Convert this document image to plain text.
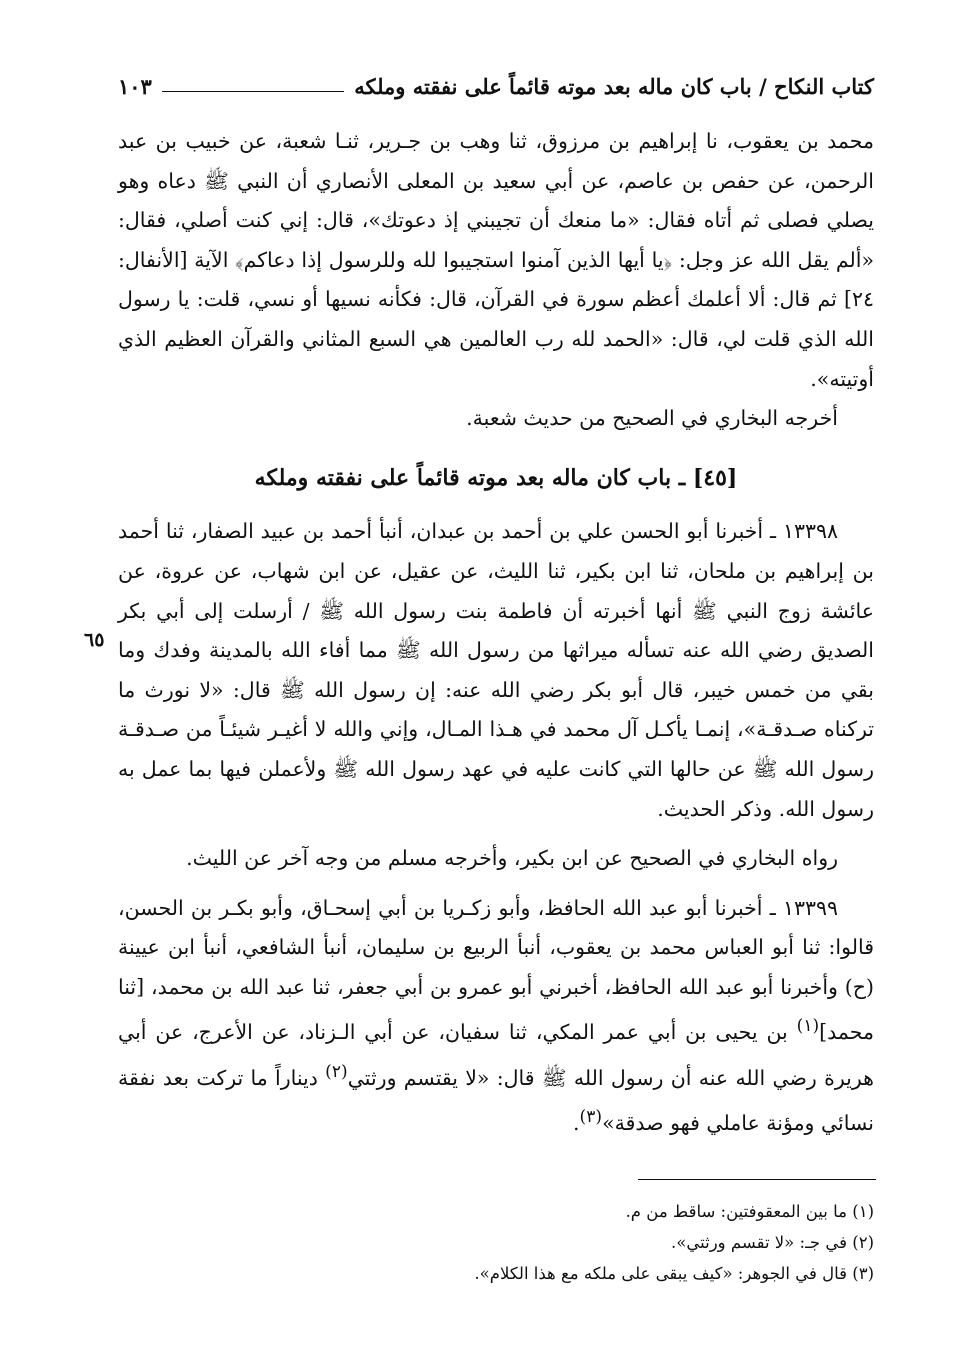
كتاب النكاح / باب كان ماله بعد موته قائماً على نفقته وملكه
١٠٣

محمد بن يعقوب، نا إبراهيم بن مرزوق، ثنا وهب بن جـرير، ثنـا شعبة، عن خبيب بن عبد الرحمن، عن حفص بن عاصم، عن أبي سعيد بن المعلى الأنصاري أن النبي ﷺ دعاه وهو يصلي فصلى ثم أتاه فقال: «ما منعك أن تجيبني إذ دعوتك»، قال: إني كنت أصلي، فقال: «ألم يقل الله عز وجل: ﴿يا أيها الذين آمنوا استجيبوا لله وللرسول إذا دعاكم﴾ الآية [الأنفال: ٢٤] ثم قال: ألا أعلمك أعظم سورة في القرآن، قال: فكأنه نسيها أو نسي، قلت: يا رسول الله الذي قلت لي، قال: «الحمد لله رب العالمين هي السبع المثاني والقرآن العظيم الذي أوتيته».

أخرجه البخاري في الصحيح من حديث شعبة.

[٤٥] ـ باب كان ماله بعد موته قائماً على نفقته وملكه

١٣٣٩٨ ـ أخبرنا أبو الحسن علي بن أحمد بن عبدان، أنبأ أحمد بن عبيد الصفار، ثنا أحمد بن إبراهيم بن ملحان، ثنا ابن بكير، ثنا الليث، عن عقيل، عن ابن شهاب، عن عروة، عن عائشة زوج النبي ﷺ أنها أخبرته أن فاطمة بنت رسول الله ﷺ / أرسلت إلى أبي بكر الصديق رضي الله عنه تسأله ميراثها من رسول الله ﷺ مما أفاء الله بالمدينة وفدك وما بقي من خمس خيبر، قال أبو بكر رضي الله عنه: إن رسول الله ﷺ قال: «لا نورث ما تركناه صـدقـة»، إنمـا يأكـل آل محمد في هـذا المـال، وإني والله لا أغيـر شيئـاً من صـدقـة رسول الله ﷺ عن حالها التي كانت عليه في عهد رسول الله ﷺ ولأعملن فيها بما عمل به رسول الله. وذكر الحديث.

رواه البخاري في الصحيح عن ابن بكير، وأخرجه مسلم من وجه آخر عن الليث.

١٣٣٩٩ ـ أخبرنا أبو عبد الله الحافظ، وأبو زكـريا بن أبي إسحـاق، وأبو بكـر بن الحسن، قالوا: ثنا أبو العباس محمد بن يعقوب، أنبأ الربيع بن سليمان، أنبأ الشافعي، أنبأ ابن عيينة (ح) وأخبرنا أبو عبد الله الحافظ، أخبرني أبو عمرو بن أبي جعفر، ثنا عبد الله بن محمد، [ثنا محمد]$^{(١)}$ بن يحيى بن أبي عمر المكي، ثنا سفيان، عن أبي الـزناد، عن الأعرج، عن أبي هريرة رضي الله عنه أن رسول الله ﷺ قال: «لا يقتسم ورثتي$^{(٢)}$ ديناراً ما تركت بعد نفقة نسائي ومؤنة عاملي فهو صدقة»$^{(٣)}$.

٦٥

(١) ما بين المعقوفتين: ساقط من م.

(٢) في جـ: «لا تقسم ورثتي».

(٣) قال في الجوهر: «كيف يبقى على ملكه مع هذا الكلام».
